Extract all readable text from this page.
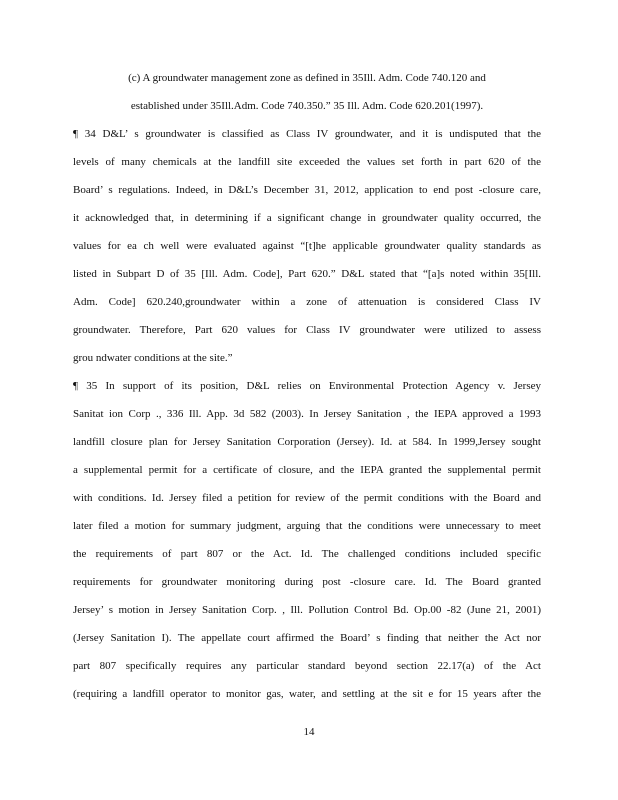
(c) A groundwater management zone as defined in 35Ill. Adm. Code 740.120 and
established under 35Ill.Adm. Code 740.350.” 35 Ill. Adm. Code 620.201(1997).
¶ 34 D&L’ s groundwater is classified as Class IV groundwater, and it is undisputed that the
levels of many chemicals at the landfill site exceeded the values set forth in part 620 of the
Board’ s regulations. Indeed, in D&L’s December 31, 2012, application to end post -closure care,
it acknowledged that, in determining if a significant change in groundwater quality occurred, the
values for ea ch well were evaluated against “[t]he applicable groundwater quality standards as
listed in Subpart D of 35 [Ill. Adm. Code], Part 620.” D&L stated that “[a]s noted within 35[Ill.
Adm. Code] 620.240,groundwater within a zone of attenuation is considered Class IV
groundwater. Therefore, Part 620 values for Class IV groundwater were utilized to assess
grou ndwater conditions at the site.”
¶ 35 In support of its position, D&L relies on Environmental Protection Agency v. Jersey
Sanitat ion Corp ., 336 Ill. App. 3d 582 (2003). In Jersey Sanitation , the IEPA approved a 1993
landfill closure plan for Jersey Sanitation Corporation (Jersey). Id. at 584. In 1999,Jersey sought
a supplemental permit for a certificate of closure, and the IEPA granted the supplemental permit
with conditions. Id. Jersey filed a petition for review of the permit conditions with the Board and
later filed a motion for summary judgment, arguing that the conditions were unnecessary to meet
the requirements of part 807 or the Act. Id. The challenged conditions included specific
requirements for groundwater monitoring during post -closure care. Id. The Board granted
Jersey’ s motion in Jersey Sanitation Corp. , Ill. Pollution Control Bd. Op.00 -82 (June 21, 2001)
(Jersey Sanitation I). The appellate court affirmed the Board’ s finding that neither the Act nor
part 807 specifically requires any particular standard beyond section 22.17(a) of the Act
(requiring a landfill operator to monitor gas, water, and settling at the sit e for 15 years after the
14
